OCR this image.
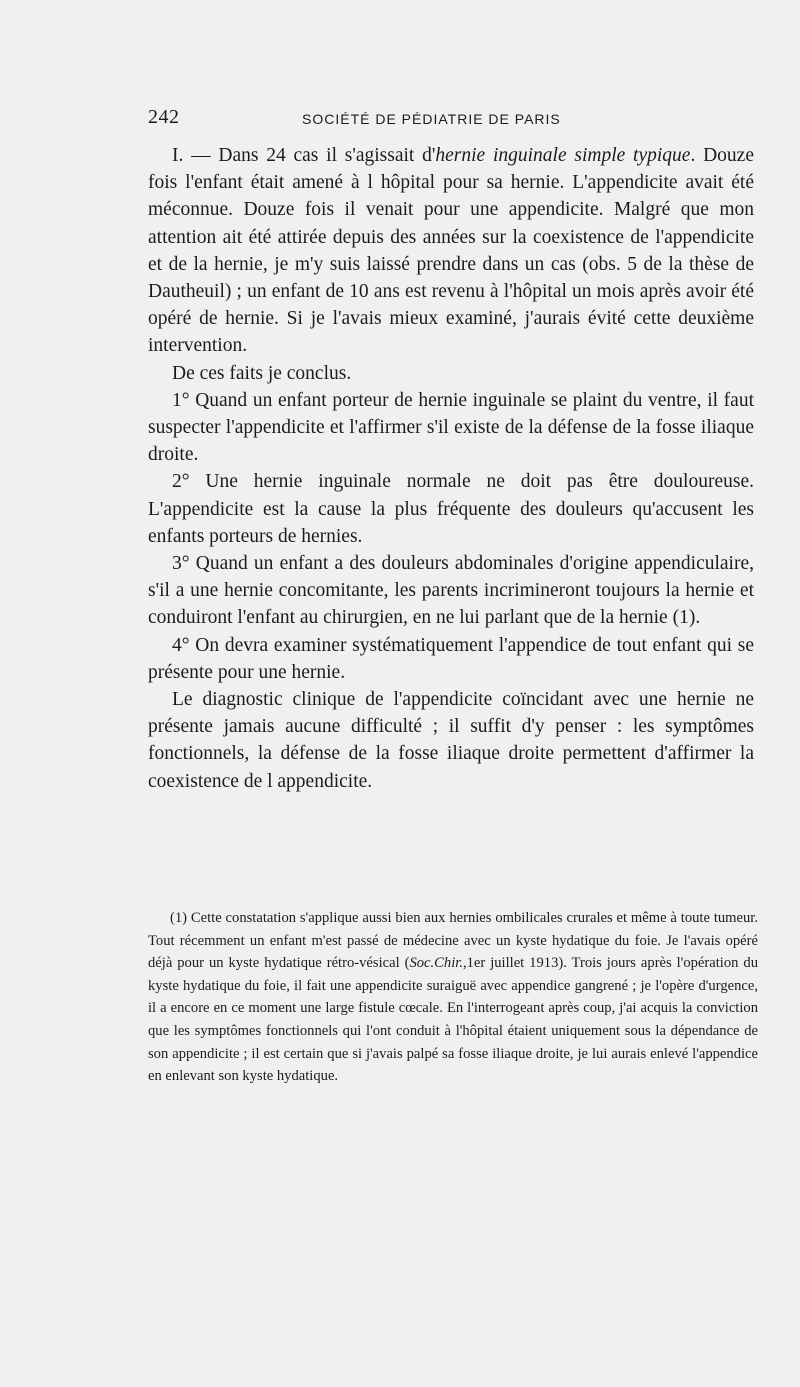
242	SOCIÉTÉ DE PÉDIATRIE DE PARIS

I. — Dans 24 cas il s'agissait d'hernie inguinale simple typique. Douze fois l'enfant était amené à l hôpital pour sa hernie. L'appendicite avait été méconnue. Douze fois il venait pour une appendicite. Malgré que mon attention ait été attirée depuis des années sur la coexistence de l'appendicite et de la hernie, je m'y suis laissé prendre dans un cas (obs. 5 de la thèse de Dautheuil) ; un enfant de 10 ans est revenu à l'hôpital un mois après avoir été opéré de hernie. Si je l'avais mieux examiné, j'aurais évité cette deuxième intervention.

De ces faits je conclus.

1° Quand un enfant porteur de hernie inguinale se plaint du ventre, il faut suspecter l'appendicite et l'affirmer s'il existe de la défense de la fosse iliaque droite.

2° Une hernie inguinale normale ne doit pas être douloureuse. L'appendicite est la cause la plus fréquente des douleurs qu'accusent les enfants porteurs de hernies.

3° Quand un enfant a des douleurs abdominales d'origine appendiculaire, s'il a une hernie concomitante, les parents incrimineront toujours la hernie et conduiront l'enfant au chirurgien, en ne lui parlant que de la hernie (1).

4° On devra examiner systématiquement l'appendice de tout enfant qui se présente pour une hernie.

Le diagnostic clinique de l'appendicite coïncidant avec une hernie ne présente jamais aucune difficulté ; il suffit d'y penser : les symptômes fonctionnels, la défense de la fosse iliaque droite permettent d'affirmer la coexistence de l appendicite.

(1) Cette constatation s'applique aussi bien aux hernies ombilicales crurales et même à toute tumeur. Tout récemment un enfant m'est passé de médecine avec un kyste hydatique du foie. Je l'avais opéré déjà pour un kyste hydatique rétro-vésical (Soc.Chir.,1er juillet 1913). Trois jours après l'opération du kyste hydatique du foie, il fait une appendicite suraiguë avec appendice gangrené ; je l'opère d'urgence, il a encore en ce moment une large fistule cœcale. En l'interrogeant après coup, j'ai acquis la conviction que les symptômes fonctionnels qui l'ont conduit à l'hôpital étaient uniquement sous la dépendance de son appendicite ; il est certain que si j'avais palpé sa fosse iliaque droite, je lui aurais enlevé l'appendice en enlevant son kyste hydatique.
